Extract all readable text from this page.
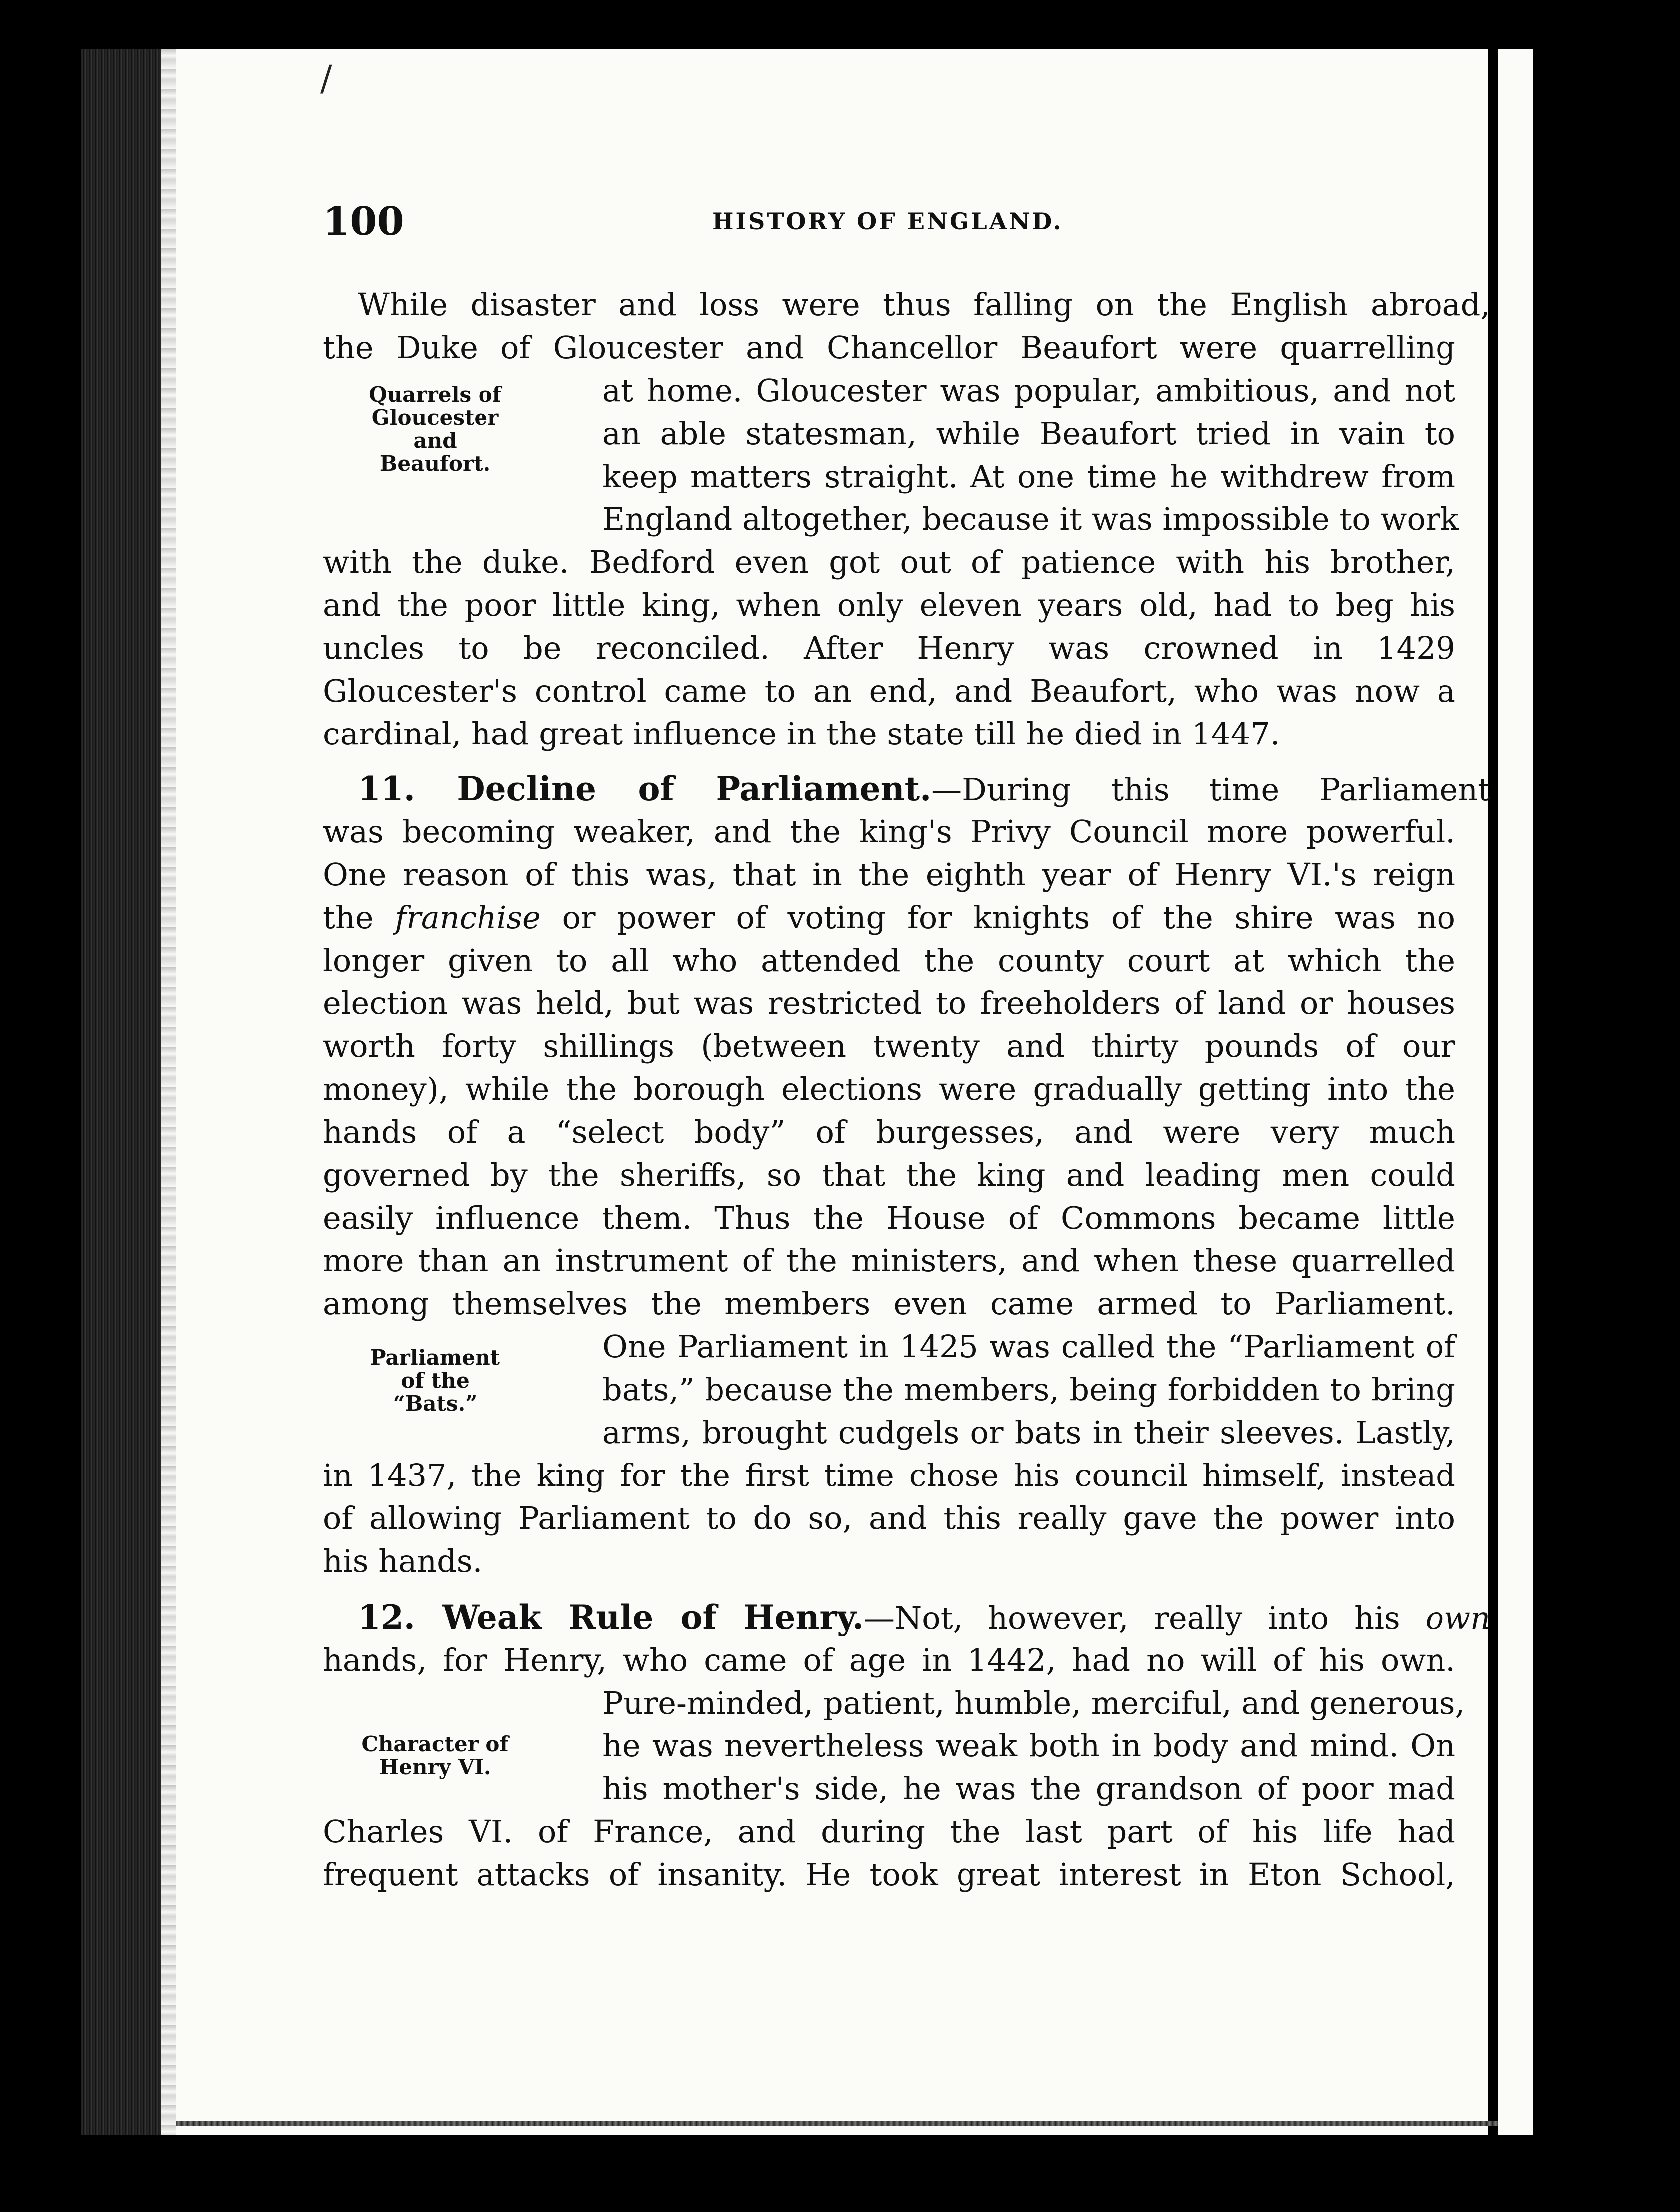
/
100	HISTORY OF ENGLAND.
While disaster and loss were thus falling on the English abroad,
the Duke of Gloucester and Chancellor Beaufort were quarrelling
at home. Gloucester was popular, ambitious, and not
an able statesman, while Beaufort tried in vain to
keep matters straight. At one time he withdrew from
England altogether, because it was impossible to work
with the duke. Bedford even got out of patience with his brother,
and the poor little king, when only eleven years old, had to beg his
uncles to be reconciled. After Henry was crowned in 1429
Gloucester's control came to an end, and Beaufort, who was now a
cardinal, had great influence in the state till he died in 1447.
Quarrels of
Gloucester
and
Beaufort.
11. Decline of Parliament.—During this time Parliament
was becoming weaker, and the king's Privy Council more powerful.
One reason of this was, that in the eighth year of Henry VI.'s reign
the franchise or power of voting for knights of the shire was no
longer given to all who attended the county court at which the
election was held, but was restricted to freeholders of land or houses
worth forty shillings (between twenty and thirty pounds of our
money), while the borough elections were gradually getting into the
hands of a “select body” of burgesses, and were very much
governed by the sheriffs, so that the king and leading men could
easily influence them. Thus the House of Commons became little
more than an instrument of the ministers, and when these quarrelled
among themselves the members even came armed to Parliament.
One Parliament in 1425 was called the “Parliament of
bats,” because the members, being forbidden to bring
arms, brought cudgels or bats in their sleeves. Lastly,
in 1437, the king for the first time chose his council himself, instead
of allowing Parliament to do so, and this really gave the power into
his hands.
Parliament
of the
“Bats.”
12. Weak Rule of Henry.—Not, however, really into his own
hands, for Henry, who came of age in 1442, had no will of his own.
Pure-minded, patient, humble, merciful, and generous,
he was nevertheless weak both in body and mind. On
his mother's side, he was the grandson of poor mad
Charles VI. of France, and during the last part of his life had
frequent attacks of insanity. He took great interest in Eton School,
Character of
Henry VI.
